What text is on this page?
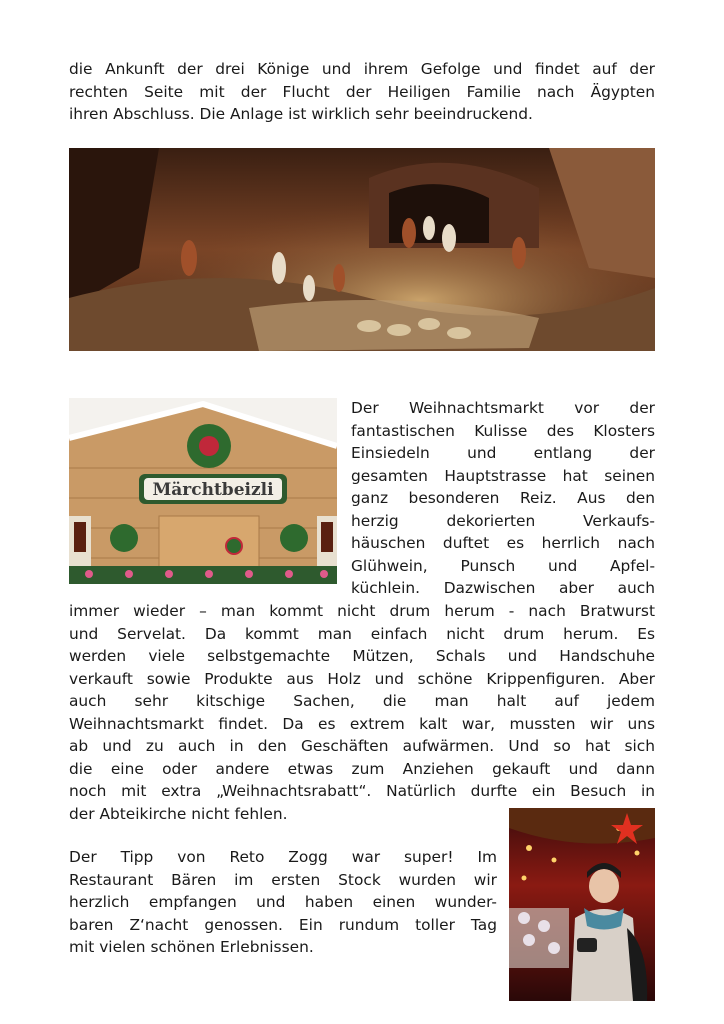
die Ankunft der drei Könige und ihrem Gefolge und findet auf der
rechten Seite mit der Flucht der Heiligen Familie nach Ägypten
ihren Abschluss. Die Anlage ist wirklich sehr beeindruckend.
Märchtbeizli
Der Weihnachtsmarkt vor der
fantastischen Kulisse des Klosters
Einsiedeln und entlang der
gesamten Hauptstrasse hat seinen
ganz besonderen Reiz. Aus den
herzig dekorierten Verkaufs-
häuschen duftet es herrlich nach
Glühwein, Punsch und Apfel-
küchlein. Dazwischen aber auch
immer wieder – man kommt nicht drum herum - nach Bratwurst
und Servelat. Da kommt man einfach nicht drum herum. Es
werden viele selbstgemachte Mützen, Schals und Handschuhe
verkauft sowie Produkte aus Holz und schöne Krippenfiguren. Aber
auch sehr kitschige Sachen, die man halt auf jedem
Weihnachtsmarkt findet. Da es extrem kalt war, mussten wir uns
ab und zu auch in den Geschäften aufwärmen. Und so hat sich
die eine oder andere etwas zum Anziehen gekauft und dann
noch mit extra „Weihnachtsrabatt“. Natürlich durfte ein Besuch in
der Abteikirche nicht fehlen.
Der Tipp von Reto Zogg war super! Im
Restaurant Bären im ersten Stock wurden wir
herzlich empfangen und haben einen wunder-
baren Z‘nacht genossen. Ein rundum toller Tag
mit vielen schönen Erlebnissen.
